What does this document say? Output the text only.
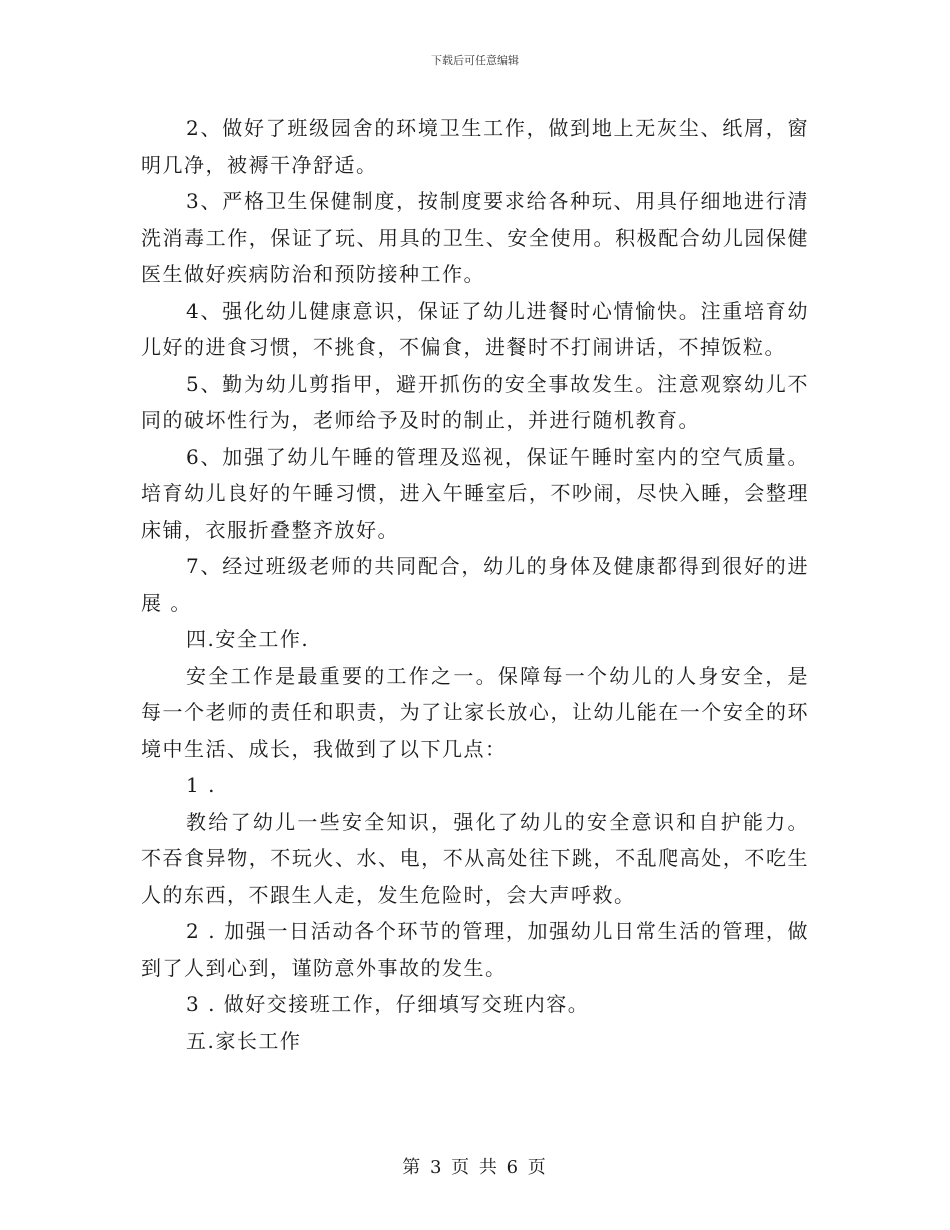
下载后可任意编辑

2、做好了班级园舍的环境卫生工作，做到地上无灰尘、纸屑，窗明几净，被褥干净舒适。

3、严格卫生保健制度，按制度要求给各种玩、用具仔细地进行清洗消毒工作，保证了玩、用具的卫生、安全使用。积极配合幼儿园保健医生做好疾病防治和预防接种工作。

4、强化幼儿健康意识，保证了幼儿进餐时心情愉快。注重培育幼儿好的进食习惯，不挑食，不偏食，进餐时不打闹讲话，不掉饭粒。

5、勤为幼儿剪指甲，避开抓伤的安全事故发生。注意观察幼儿不同的破坏性行为，老师给予及时的制止，并进行随机教育。

6、加强了幼儿午睡的管理及巡视，保证午睡时室内的空气质量。培育幼儿良好的午睡习惯，进入午睡室后，不吵闹，尽快入睡，会整理床铺，衣服折叠整齐放好。

7、经过班级老师的共同配合，幼儿的身体及健康都得到很好的进展 。

四.安全工作.

安全工作是最重要的工作之一。保障每一个幼儿的人身安全，是每一个老师的责任和职责，为了让家长放心，让幼儿能在一个安全的环境中生活、成长，我做到了以下几点：

1 .

教给了幼儿一些安全知识，强化了幼儿的安全意识和自护能力。不吞食异物，不玩火、水、电，不从高处往下跳，不乱爬高处，不吃生人的东西，不跟生人走，发生危险时，会大声呼救。

2 . 加强一日活动各个环节的管理，加强幼儿日常生活的管理，做到了人到心到，谨防意外事故的发生。

3 . 做好交接班工作，仔细填写交班内容。

五.家长工作

第 3 页 共 6 页
